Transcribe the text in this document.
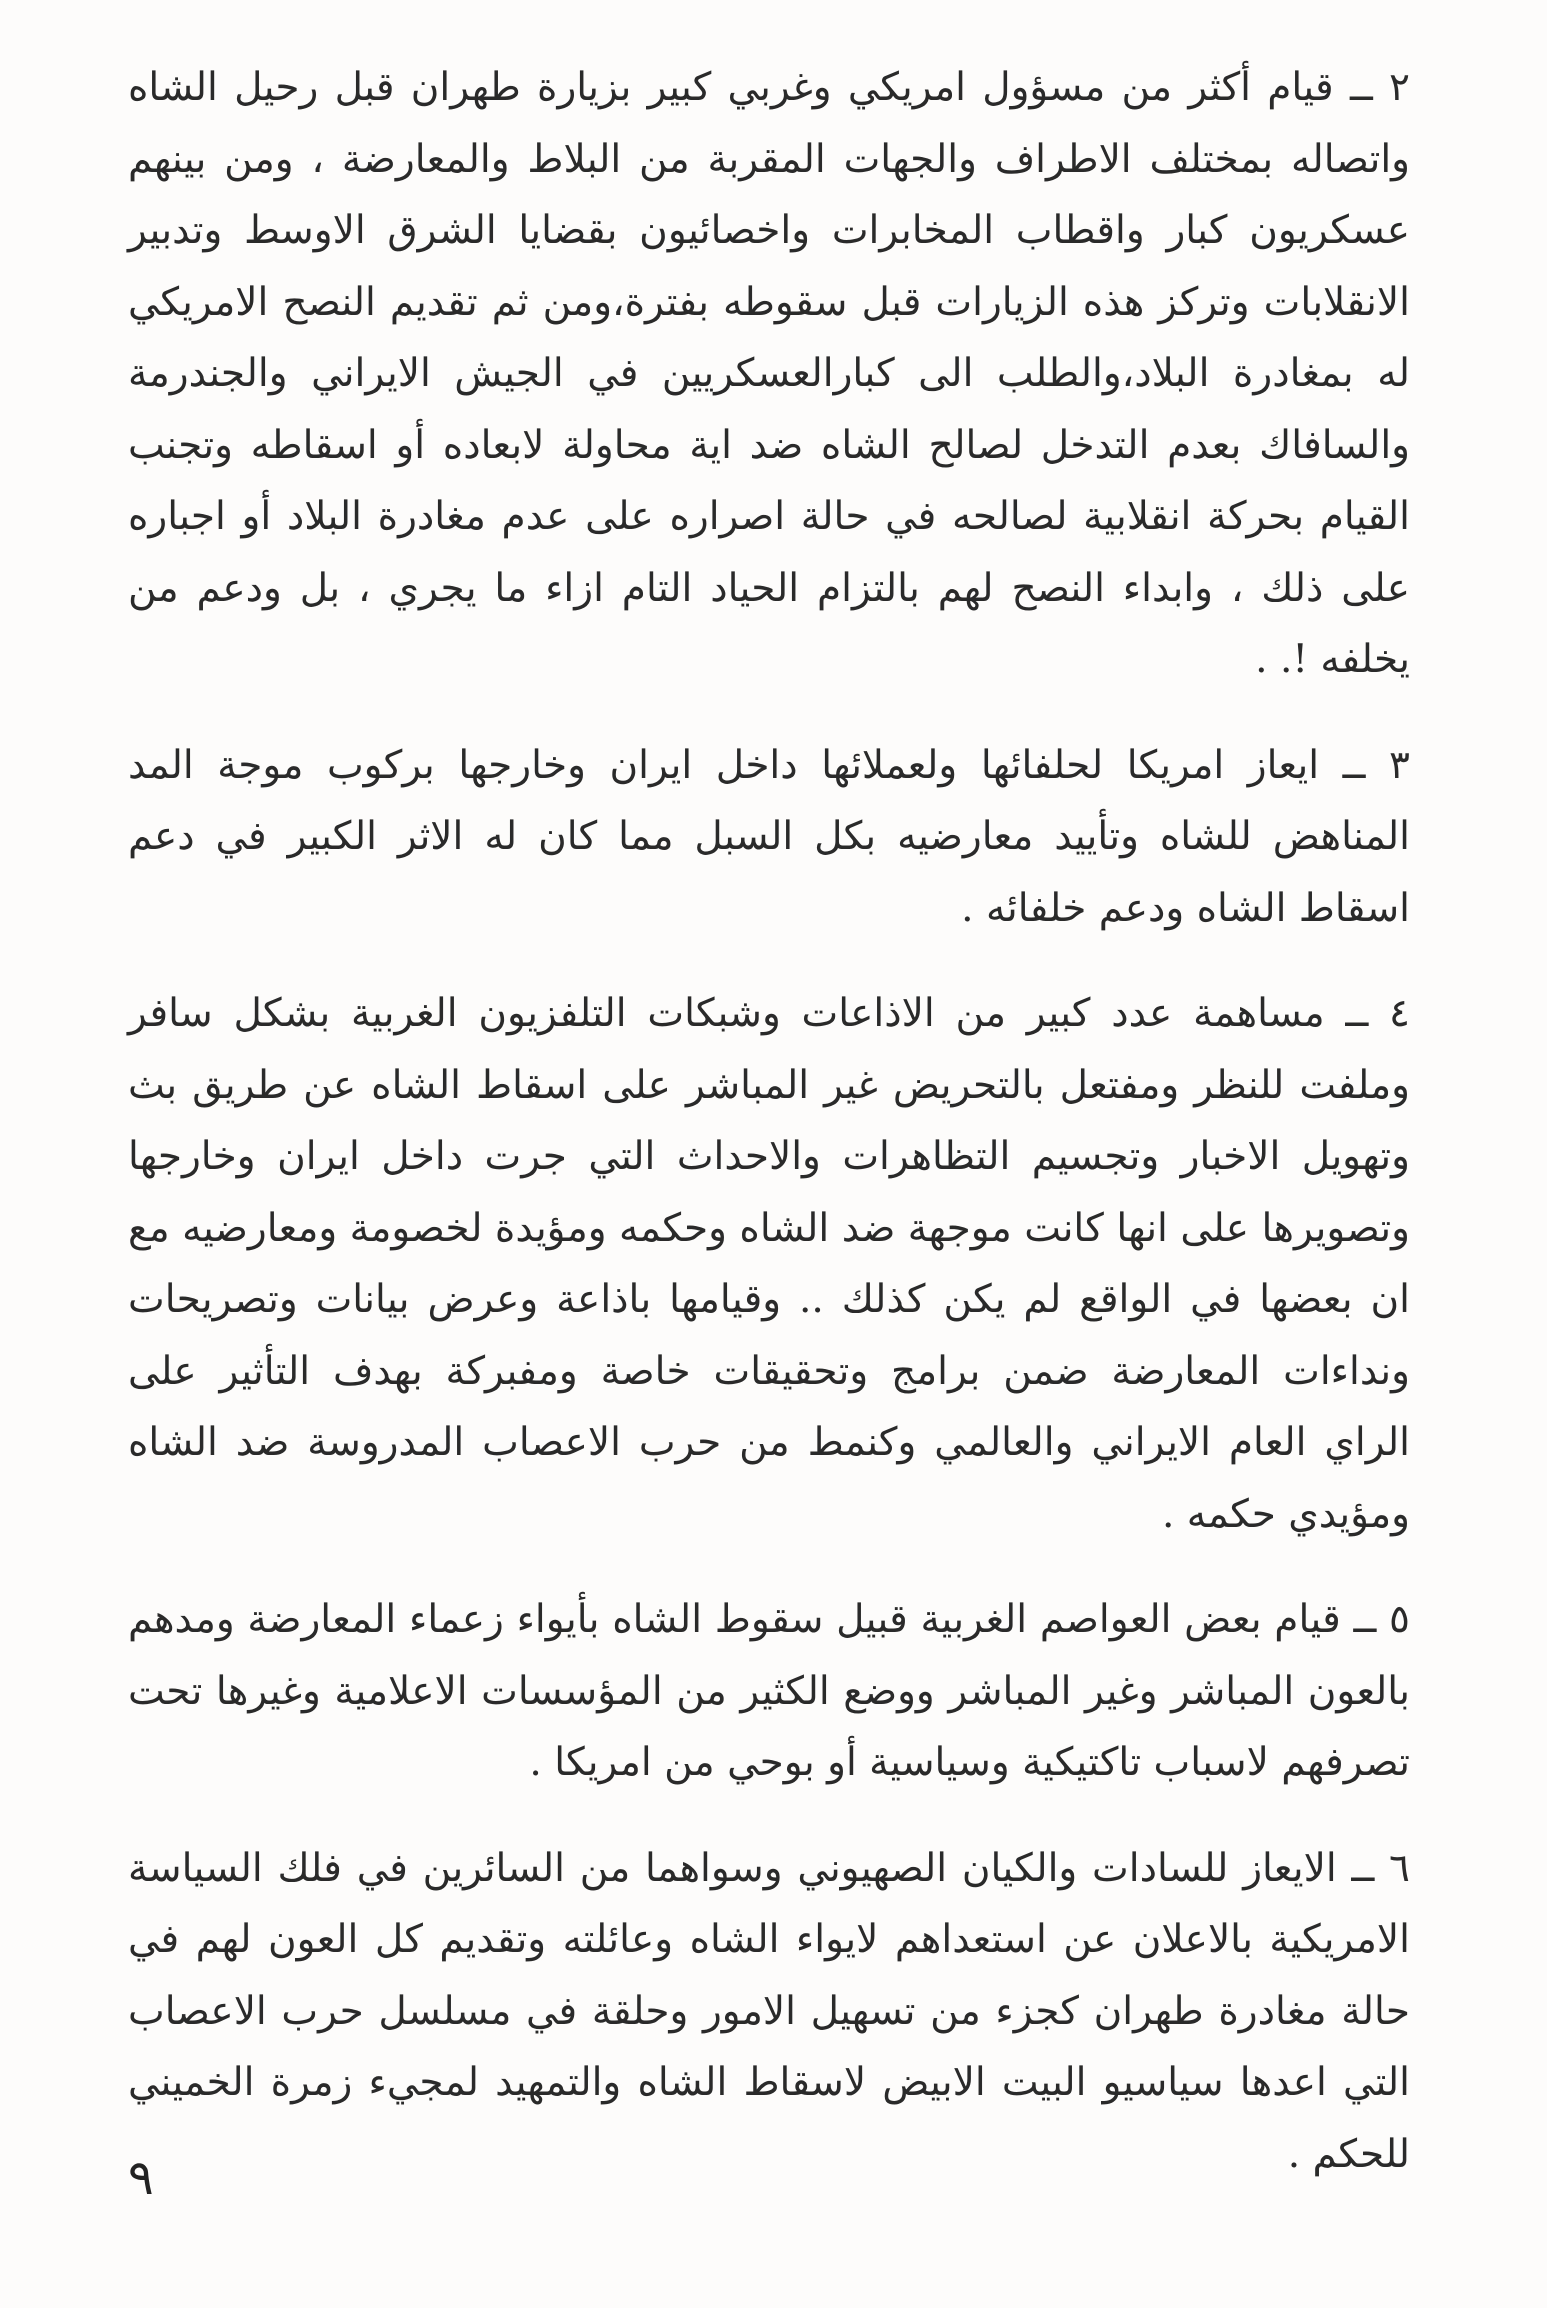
٢ ــ قيام أكثر من مسؤول امريكي وغربي كبير بزيارة طهران قبل رحيل الشاه واتصاله بمختلف الاطراف والجهات المقربة من البلاط والمعارضة ، ومن بينهم عسكريون كبار واقطاب المخابرات واخصائيون بقضايا الشرق الاوسط وتدبير الانقلابات وتركز هذه الزيارات قبل سقوطه بفترة،ومن ثم تقديم النصح الامريكي له بمغادرة البلاد،والطلب الى كبارالعسكريين في الجيش الايراني والجندرمة والسافاك بعدم التدخل لصالح الشاه ضد اية محاولة لابعاده أو اسقاطه وتجنب القيام بحركة انقلابية لصالحه في حالة اصراره على عدم مغادرة البلاد أو اجباره على ذلك ، وابداء النصح لهم بالتزام الحياد التام ازاء ما يجري ، بل ودعم من يخلفه !. .

٣ ــ ايعاز امريكا لحلفائها ولعملائها داخل ايران وخارجها بركوب موجة المد المناهض للشاه وتأييد معارضيه بكل السبل مما كان له الاثر الكبير في دعم اسقاط الشاه ودعم خلفائه .

٤ ــ مساهمة عدد كبير من الاذاعات وشبكات التلفزيون الغربية بشكل سافر وملفت للنظر ومفتعل بالتحريض غير المباشر على اسقاط الشاه عن طريق بث وتهويل الاخبار وتجسيم التظاهرات والاحداث التي جرت داخل ايران وخارجها وتصويرها على انها كانت موجهة ضد الشاه وحكمه ومؤيدة لخصومة ومعارضيه مع ان بعضها في الواقع لم يكن كذلك .. وقيامها باذاعة وعرض بيانات وتصريحات ونداءات المعارضة ضمن برامج وتحقيقات خاصة ومفبركة بهدف التأثير على الراي العام الايراني والعالمي وكنمط من حرب الاعصاب المدروسة ضد الشاه ومؤيدي حكمه .

٥ ــ قيام بعض العواصم الغربية قبيل سقوط الشاه بأيواء زعماء المعارضة ومدهم بالعون المباشر وغير المباشر ووضع الكثير من المؤسسات الاعلامية وغيرها تحت تصرفهم لاسباب تاكتيكية وسياسية أو بوحي من امريكا .

٦ ــ الايعاز للسادات والكيان الصهيوني وسواهما من السائرين في فلك السياسة الامريكية بالاعلان عن استعداهم لايواء الشاه وعائلته وتقديم كل العون لهم في حالة مغادرة طهران كجزء من تسهيل الامور وحلقة في مسلسل حرب الاعصاب التي اعدها سياسيو البيت الابيض لاسقاط الشاه والتمهيد لمجيء زمرة الخميني للحكم .

٩
